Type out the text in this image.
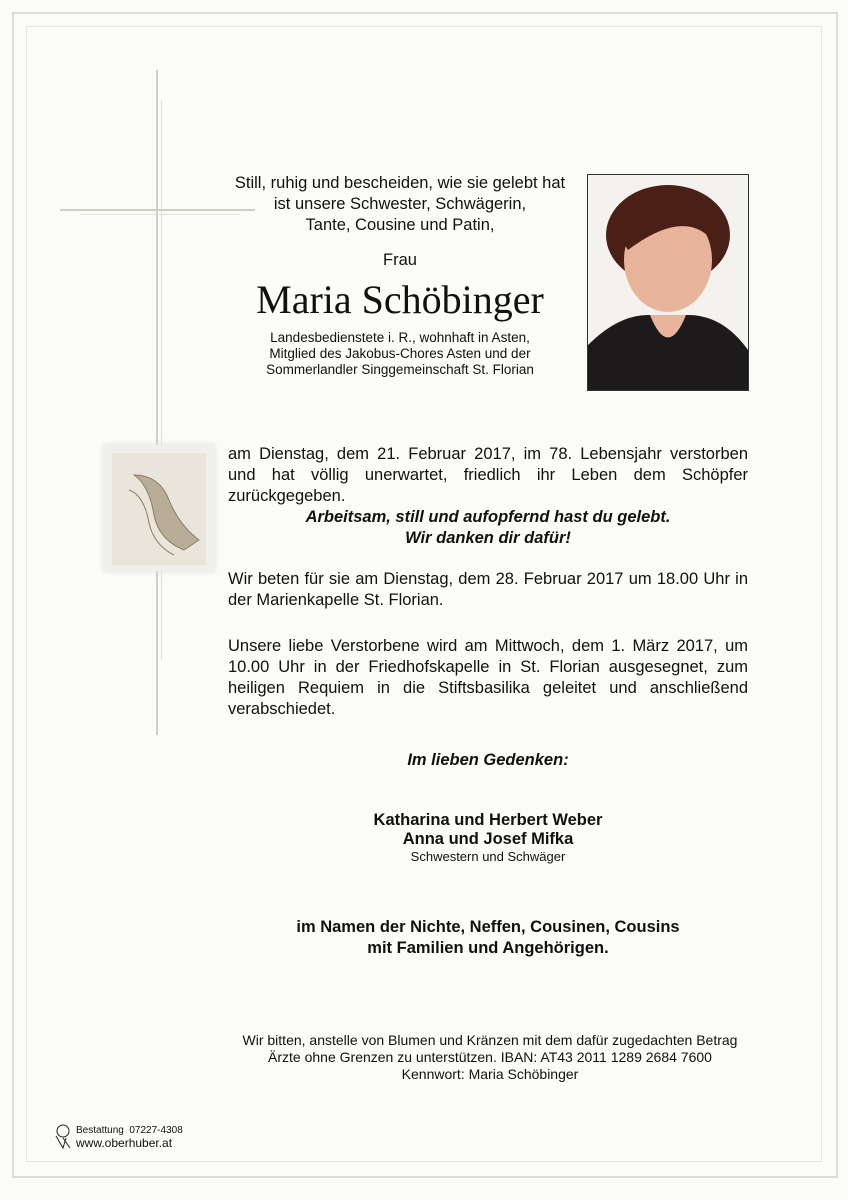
Still, ruhig und bescheiden, wie sie gelebt hat
ist unsere Schwester, Schwägerin,
Tante, Cousine und Patin,
Frau
Maria Schöbinger
Landesbedienstete i. R., wohnhaft in Asten,
Mitglied des Jakobus-Chores Asten und der
Sommerlandler Singgemeinschaft St. Florian
am Dienstag, dem 21. Februar 2017, im 78. Lebensjahr verstorben und hat völlig unerwartet, friedlich ihr Leben dem Schöpfer zurückgegeben.
Arbeitsam, still und aufopfernd hast du gelebt.
Wir danken dir dafür!
Wir beten für sie am Dienstag, dem 28. Februar 2017 um 18.00 Uhr in der Marienkapelle St. Florian.
Unsere liebe Verstorbene wird am Mittwoch, dem 1. März 2017, um 10.00 Uhr in der Friedhofskapelle in St. Florian ausgesegnet, zum heiligen Requiem in die Stiftsbasilika geleitet und anschließend verabschiedet.
Im lieben Gedenken:
Katharina und Herbert Weber
Anna und Josef Mifka
Schwestern und Schwäger
im Namen der Nichte, Neffen, Cousinen, Cousins
mit Familien und Angehörigen.
Wir bitten, anstelle von Blumen und Kränzen mit dem dafür zugedachten Betrag
Ärzte ohne Grenzen zu unterstützen. IBAN: AT43 2011 1289 2684 7600
Kennwort: Maria Schöbinger
Bestattung 07227-4308
www.oberhuber.at
